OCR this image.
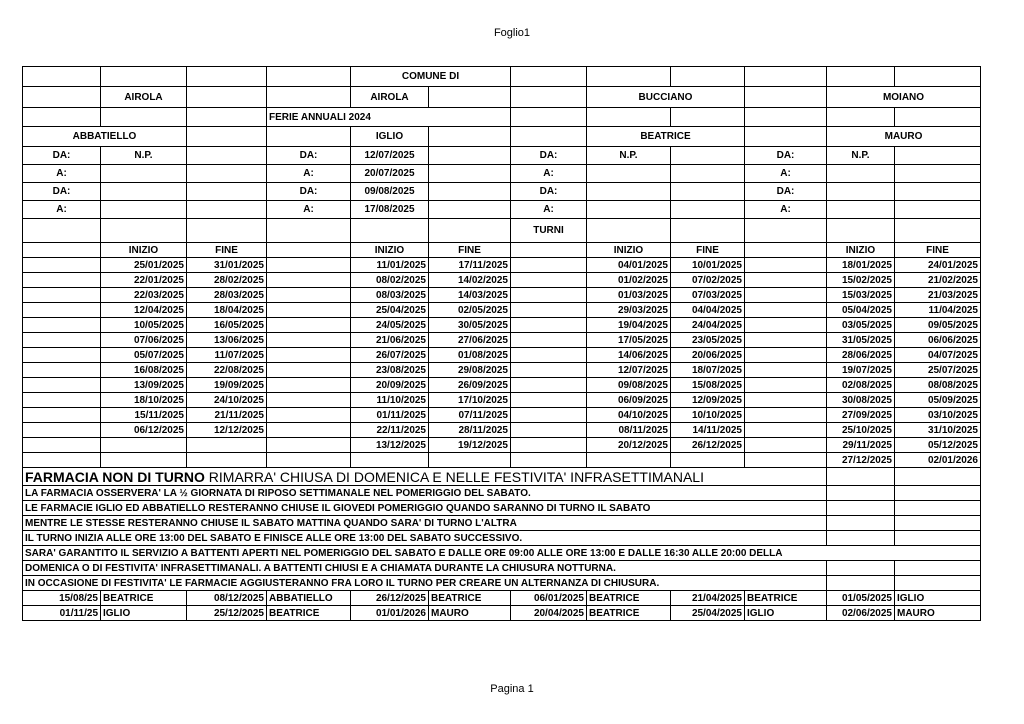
Foglio1
				COMUNE DI							
	AIROLA			AIROLA			BUCCIANO			MOIANO	
			FERIE ANNUALI 2024								
ABBATIELLO				IGLIO			BEATRICE			MAURO	
DA:	N.P.		DA:	12/07/2025		DA:	N.P.		DA:	N.P.	
A:			A:	20/07/2025		A:			A:		
DA:			DA:	09/08/2025		DA:			DA:		
A:			A:	17/08/2025		A:			A:		
						TURNI					
	INIZIO	FINE		INIZIO	FINE		INIZIO	FINE		INIZIO	FINE
	25/01/2025	31/01/2025		11/01/2025	17/11/2025		04/01/2025	10/01/2025		18/01/2025	24/01/2025
	22/01/2025	28/02/2025		08/02/2025	14/02/2025		01/02/2025	07/02/2025		15/02/2025	21/02/2025
	22/03/2025	28/03/2025		08/03/2025	14/03/2025		01/03/2025	07/03/2025		15/03/2025	21/03/2025
	12/04/2025	18/04/2025		25/04/2025	02/05/2025		29/03/2025	04/04/2025		05/04/2025	11/04/2025
	10/05/2025	16/05/2025		24/05/2025	30/05/2025		19/04/2025	24/04/2025		03/05/2025	09/05/2025
	07/06/2025	13/06/2025		21/06/2025	27/06/2025		17/05/2025	23/05/2025		31/05/2025	06/06/2025
	05/07/2025	11/07/2025		26/07/2025	01/08/2025		14/06/2025	20/06/2025		28/06/2025	04/07/2025
	16/08/2025	22/08/2025		23/08/2025	29/08/2025		12/07/2025	18/07/2025		19/07/2025	25/07/2025
	13/09/2025	19/09/2025		20/09/2025	26/09/2025		09/08/2025	15/08/2025		02/08/2025	08/08/2025
	18/10/2025	24/10/2025		11/10/2025	17/10/2025		06/09/2025	12/09/2025		30/08/2025	05/09/2025
	15/11/2025	21/11/2025		01/11/2025	07/11/2025		04/10/2025	10/10/2025		27/09/2025	03/10/2025
	06/12/2025	12/12/2025		22/11/2025	28/11/2025		08/11/2025	14/11/2025		25/10/2025	31/10/2025
				13/12/2025	19/12/2025		20/12/2025	26/12/2025		29/11/2025	05/12/2025
										27/12/2025	02/01/2026
FARMACIA NON DI TURNO RIMARRA' CHIUSA DI DOMENICA E NELLE FESTIVITA' INFRASETTIMANALI											
LA FARMACIA OSSERVERA' LA ½ GIORNATA DI RIPOSO SETTIMANALE NEL POMERIGGIO DEL SABATO.											
LE FARMACIE IGLIO ED ABBATIELLO RESTERANNO CHIUSE IL GIOVEDI POMERIGGIO QUANDO SARANNO DI TURNO IL SABATO											
MENTRE LE STESSE RESTERANNO CHIUSE IL SABATO MATTINA QUANDO SARA' DI TURNO L'ALTRA											
IL TURNO INIZIA ALLE ORE 13:00 DEL SABATO E FINISCE ALLE ORE 13:00 DEL SABATO SUCCESSIVO.											
SARA' GARANTITO IL SERVIZIO A BATTENTI APERTI NEL POMERIGGIO DEL SABATO E DALLE ORE 09:00 ALLE ORE 13:00 E DALLE 16:30 ALLE 20:00 DELLA											
DOMENICA O DI FESTIVITA' INFRASETTIMANALI. A BATTENTI CHIUSI E A CHIAMATA DURANTE LA CHIUSURA NOTTURNA.											
IN OCCASIONE DI FESTIVITA' LE FARMACIE AGGIUSTERANNO FRA LORO IL TURNO PER CREARE UN ALTERNANZA DI CHIUSURA.											
15/08/25	BEATRICE	08/12/2025	ABBATIELLO	26/12/2025	BEATRICE	06/01/2025	BEATRICE	21/04/2025	BEATRICE	01/05/2025	IGLIO
01/11/25	IGLIO	25/12/2025	BEATRICE	01/01/2026	MAURO	20/04/2025	BEATRICE	25/04/2025	IGLIO	02/06/2025	MAURO
Pagina 1
